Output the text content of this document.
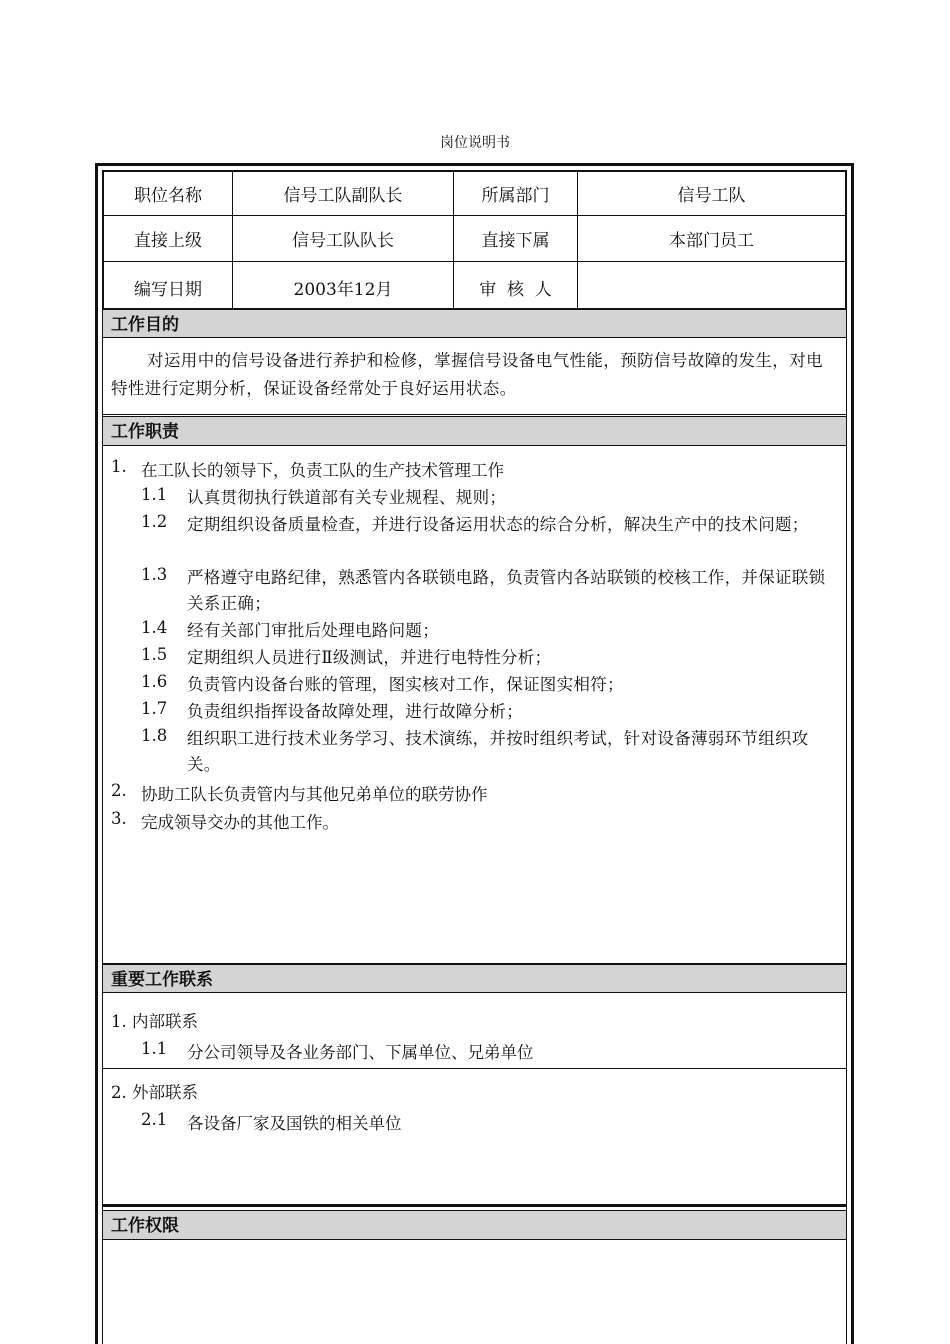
岗位说明书
职位名称	信号工队副队长	所属部门	信号工队
直接上级	信号工队队长	直接下属	本部门员工
编写日期	2003年12月	审  核  人	
工作目的
对运用中的信号设备进行养护和检修，掌握信号设备电气性能，预防信号故障的发生，对电特性进行定期分析，保证设备经常处于良好运用状态。
工作职责
1. 在工队长的领导下，负责工队的生产技术管理工作
1.1 认真贯彻执行铁道部有关专业规程、规则；
1.2 定期组织设备质量检查，并进行设备运用状态的综合分析，解决生产中的技术问题；
1.3 严格遵守电路纪律，熟悉管内各联锁电路，负责管内各站联锁的校核工作，并保证联锁关系正确；
1.4 经有关部门审批后处理电路问题；
1.5 定期组织人员进行Ⅱ级测试，并进行电特性分析；
1.6 负责管内设备台账的管理，图实核对工作，保证图实相符；
1.7 负责组织指挥设备故障处理，进行故障分析；
1.8 组织职工进行技术业务学习、技术演练，并按时组织考试，针对设备薄弱环节组织攻关。
2. 协助工队长负责管内与其他兄弟单位的联劳协作
3. 完成领导交办的其他工作。
重要工作联系
1. 内部联系
1.1 分公司领导及各业务部门、下属单位、兄弟单位
2. 外部联系
2.1 各设备厂家及国铁的相关单位
工作权限
